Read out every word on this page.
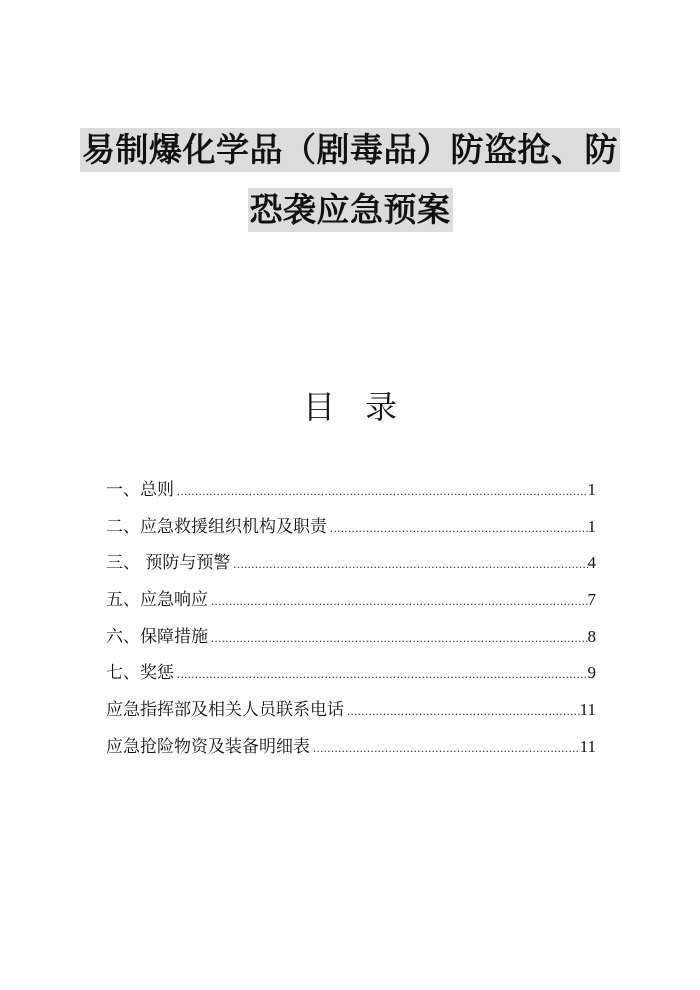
易制爆化学品（剧毒品）防盗抢、防
恐袭应急预案
目录
一、总则 .....	1
二、应急救援组织机构及职责 .....	1
三、 预防与预警 .....	4
五、应急响应 .....	7
六、保障措施 .....	8
七、奖惩 .....	9
应急指挥部及相关人员联系电话 .....	11
应急抢险物资及装备明细表 .....	11
